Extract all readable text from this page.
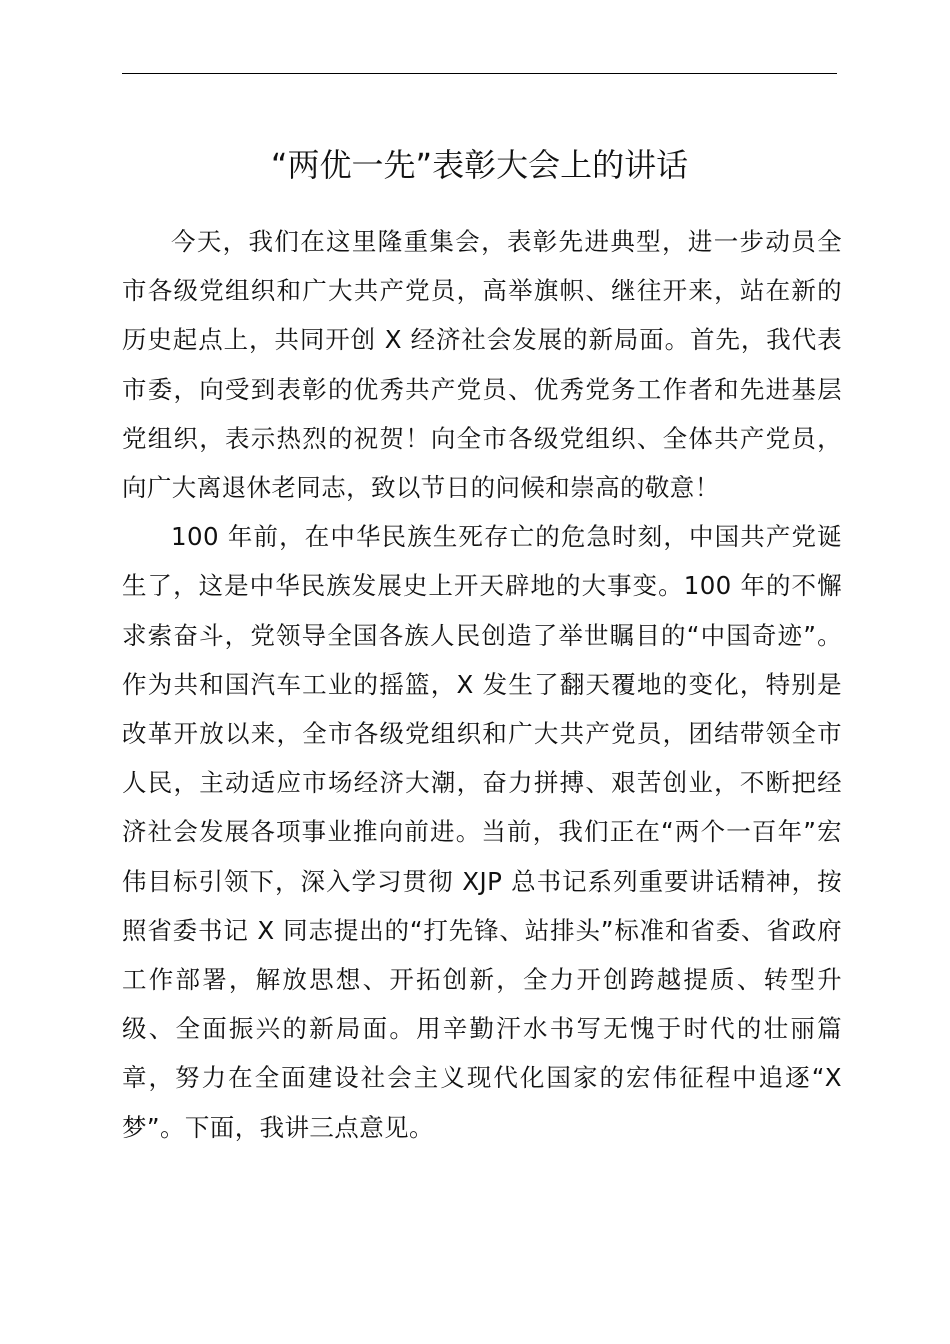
“两优一先”表彰大会上的讲话

今天，我们在这里隆重集会，表彰先进典型，进一步动员全市各级党组织和广大共产党员，高举旗帜、继往开来，站在新的历史起点上，共同开创 X 经济社会发展的新局面。首先，我代表市委，向受到表彰的优秀共产党员、优秀党务工作者和先进基层党组织，表示热烈的祝贺！向全市各级党组织、全体共产党员，向广大离退休老同志，致以节日的问候和崇高的敬意！

100 年前，在中华民族生死存亡的危急时刻，中国共产党诞生了，这是中华民族发展史上开天辟地的大事变。100 年的不懈求索奋斗，党领导全国各族人民创造了举世瞩目的“中国奇迹”。作为共和国汽车工业的摇篮，X 发生了翻天覆地的变化，特别是改革开放以来，全市各级党组织和广大共产党员，团结带领全市人民，主动适应市场经济大潮，奋力拼搏、艰苦创业，不断把经济社会发展各项事业推向前进。当前，我们正在“两个一百年”宏伟目标引领下，深入学习贯彻 XJP 总书记系列重要讲话精神，按照省委书记 X 同志提出的“打先锋、站排头”标准和省委、省政府工作部署，解放思想、开拓创新，全力开创跨越提质、转型升级、全面振兴的新局面。用辛勤汗水书写无愧于时代的壮丽篇章，努力在全面建设社会主义现代化国家的宏伟征程中追逐“X 梦”。下面，我讲三点意见。
